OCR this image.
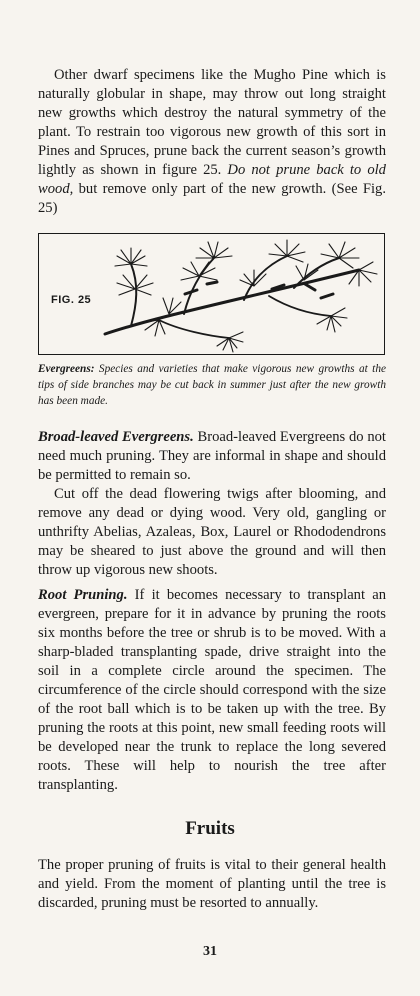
Other dwarf specimens like the Mugho Pine which is naturally globular in shape, may throw out long straight new growths which destroy the natural symmetry of the plant. To restrain too vigorous new growth of this sort in Pines and Spruces, prune back the current season’s growth lightly as shown in figure 25. Do not prune back to old wood, but remove only part of the new growth. (See Fig. 25)

FIG. 25
Evergreens: Species and varieties that make vigorous new growths at the tips of side branches may be cut back in summer just after the new growth has been made.

Broad-leaved Evergreens. Broad-leaved Evergreens do not need much pruning. They are informal in shape and should be permitted to remain so.

Cut off the dead flowering twigs after blooming, and remove any dead or dying wood. Very old, gangling or unthrifty Abelias, Azaleas, Box, Laurel or Rhododendrons may be sheared to just above the ground and will then throw up vigorous new shoots.

Root Pruning. If it becomes necessary to transplant an evergreen, prepare for it in advance by pruning the roots six months before the tree or shrub is to be moved. With a sharp-bladed transplanting spade, drive straight into the soil in a complete circle around the specimen. The circumference of the circle should correspond with the size of the root ball which is to be taken up with the tree. By pruning the roots at this point, new small feeding roots will be developed near the trunk to replace the long severed roots. These will help to nourish the tree after transplanting.

Fruits

The proper pruning of fruits is vital to their general health and yield. From the moment of planting until the tree is discarded, pruning must be resorted to annually.

31
